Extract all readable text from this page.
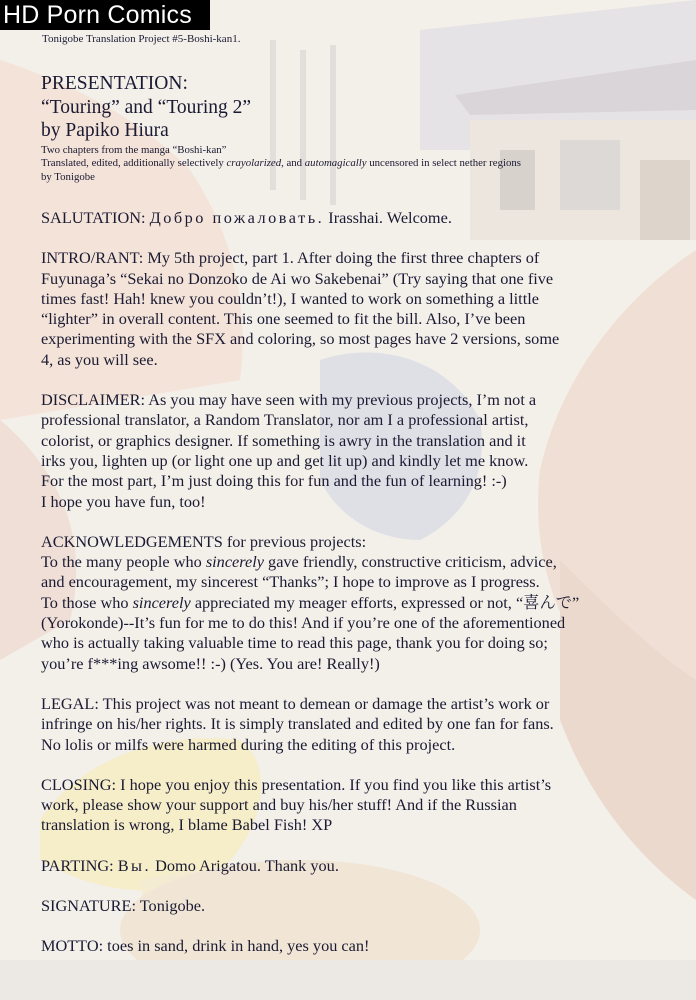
HD Porn Comics
Tonigobe Translation Project #5-Boshi-kan1.
PRESENTATION:
“Touring” and “Touring 2”
by Papiko Hiura
Two chapters from the manga “Boshi-kan”
Translated, edited, additionally selectively crayolarized, and automagically uncensored in select nether regions
by Tonigobe

SALUTATION: Добро пожаловать. Irasshai. Welcome.

INTRO/RANT: My 5th project, part 1. After doing the first three chapters of

Fuyunaga’s “Sekai no Donzoko de Ai wo Sakebenai” (Try saying that one five

times fast! Hah! knew you couldn’t!), I wanted to work on something a little

“lighter” in overall content. This one seemed to fit the bill. Also, I’ve been

experimenting with the SFX and coloring, so most pages have 2 versions, some

4, as you will see.

DISCLAIMER: As you may have seen with my previous projects, I’m not a

professional translator, a Random Translator, nor am I a professional artist,

colorist, or graphics designer. If something is awry in the translation and it

irks you, lighten up (or light one up and get lit up) and kindly let me know.

For the most part, I’m just doing this for fun and the fun of learning! :-)

I hope you have fun, too!

ACKNOWLEDGEMENTS for previous projects:

To the many people who sincerely gave friendly, constructive criticism, advice,

and encouragement, my sincerest “Thanks”; I hope to improve as I progress.

To those who sincerely appreciated my meager efforts, expressed or not, “喜んで”

(Yorokonde)--It’s fun for me to do this! And if you’re one of the aforementioned

who is actually taking valuable time to read this page, thank you for doing so;

you’re f***ing awsome!! :-) (Yes. You are! Really!)

LEGAL: This project was not meant to demean or damage the artist’s work or

infringe on his/her rights. It is simply translated and edited by one fan for fans.

No lolis or milfs were harmed during the editing of this project.

CLOSING: I hope you enjoy this presentation. If you find you like this artist’s

work, please show your support and buy his/her stuff! And if the Russian

translation is wrong, I blame Babel Fish! XP

PARTING: Вы. Domo Arigatou. Thank you.

SIGNATURE: Tonigobe.

MOTTO: toes in sand, drink in hand, yes you can!
